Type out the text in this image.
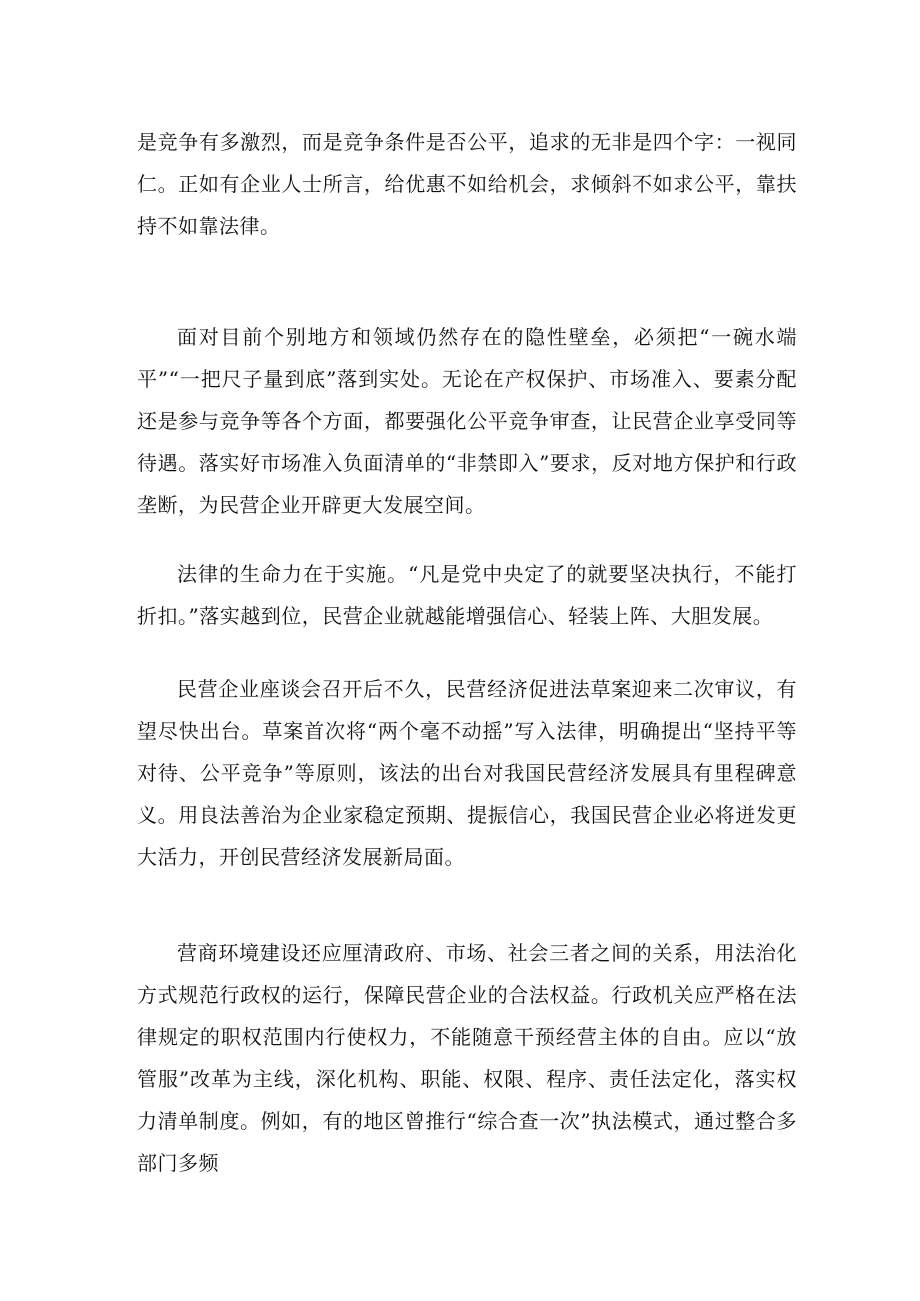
是竞争有多激烈，而是竞争条件是否公平，追求的无非是四个字：一视同仁。正如有企业人士所言，给优惠不如给机会，求倾斜不如求公平，靠扶持不如靠法律。

面对目前个别地方和领域仍然存在的隐性壁垒，必须把“一碗水端平”“一把尺子量到底”落到实处。无论在产权保护、市场准入、要素分配还是参与竞争等各个方面，都要强化公平竞争审查，让民营企业享受同等待遇。落实好市场准入负面清单的“非禁即入”要求，反对地方保护和行政垄断，为民营企业开辟更大发展空间。

法律的生命力在于实施。“凡是党中央定了的就要坚决执行，不能打折扣。”落实越到位，民营企业就越能增强信心、轻装上阵、大胆发展。

民营企业座谈会召开后不久，民营经济促进法草案迎来二次审议，有望尽快出台。草案首次将“两个毫不动摇”写入法律，明确提出“坚持平等对待、公平竞争”等原则，该法的出台对我国民营经济发展具有里程碑意义。用良法善治为企业家稳定预期、提振信心，我国民营企业必将迸发更大活力，开创民营经济发展新局面。

营商环境建设还应厘清政府、市场、社会三者之间的关系，用法治化方式规范行政权的运行，保障民营企业的合法权益。行政机关应严格在法律规定的职权范围内行使权力，不能随意干预经营主体的自由。应以“放管服”改革为主线，深化机构、职能、权限、程序、责任法定化，落实权力清单制度。例如，有的地区曾推行“综合查一次”执法模式，通过整合多部门多频
